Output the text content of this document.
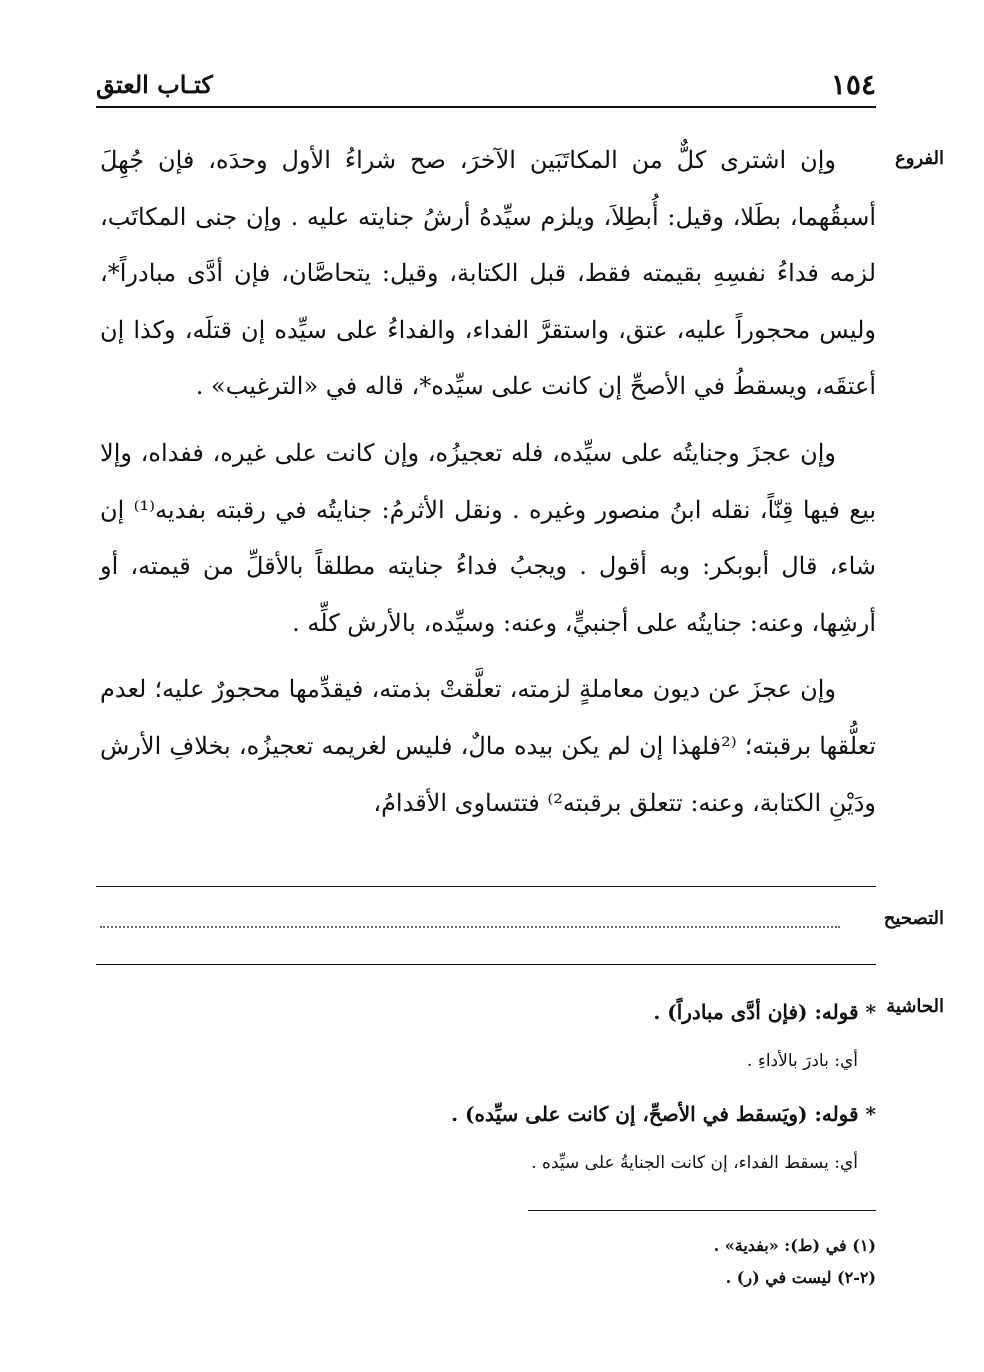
١٥٤
كتـاب العتق
الفروع

وإن اشترى كلٌّ من المكاتَبَين الآخرَ، صح شراءُ الأول وحدَه، فإن جُهِلَ أسبقُهما، بطَلا، وقيل: أُبطِلاَ، ويلزم سيِّدهُ أرشُ جنايته عليه . وإن جنى المكاتَب، لزمه فداءُ نفسِهِ بقيمته فقط، قبل الكتابة، وقيل: يتحاصَّان، فإن أدَّى مبادراً*، وليس محجوراً عليه، عتق، واستقرَّ الفداء، والفداءُ على سيِّده إن قتلَه، وكذا إن أعتقَه، ويسقطُ في الأصحِّ إن كانت على سيِّده*، قاله في «الترغيب» .

وإن عجزَ وجنايتُه على سيِّده، فله تعجيزُه، وإن كانت على غيره، ففداه، وإلا بيع فيها قِنّاً، نقله ابنُ منصور وغيره . ونقل الأثرمُ: جنايتُه في رقبته بفديه⁽¹⁾ إن شاء، قال أبوبكر: وبه أقول . ويجبُ فداءُ جنايته مطلقاً بالأقلِّ من قيمته، أو أرشِها، وعنه: جنايتُه على أجنبيٍّ، وعنه: وسيِّده، بالأرش كلِّه .

وإن عجزَ عن ديون معاملةٍ لزمته، تعلَّقتْ بذمته، فيقدِّمها محجورٌ عليه؛ لعدم تعلُّقها برقبته؛ ⁽²فلهذا إن لم يكن بيده مالٌ، فليس لغريمه تعجيزُه، بخلافِ الأرش ودَيْنِ الكتابة، وعنه: تتعلق برقبته²⁾ فتتساوى الأقدامُ،

التصحيح
الحاشية

* قوله: (فإن أدَّى مبادراً) .

أي: بادرَ بالأداءِ .

* قوله: (ويَسقط في الأصحِّ، إن كانت على سيِّده) .

أي: يسقط الفداء، إن كانت الجنايةُ على سيِّده .

(١) في (ط): «بفدية» .
(٢-٢) ليست في (ر) .
